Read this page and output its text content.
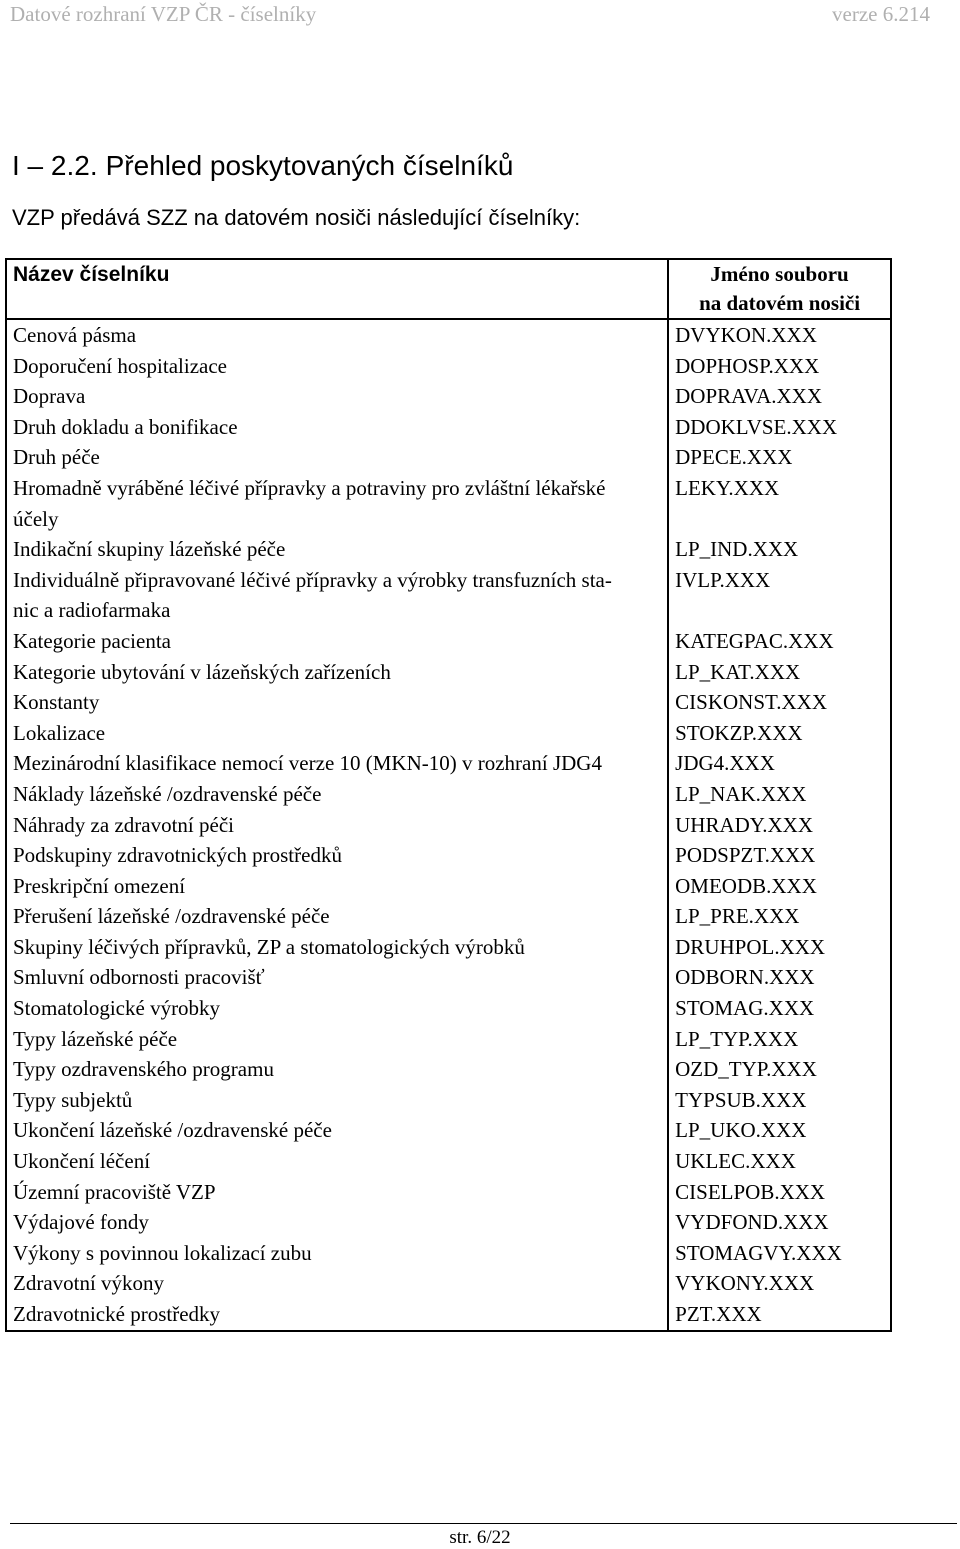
Datové rozhraní VZP ČR - číselníky	verze 6.214
I – 2.2. Přehled poskytovaných číselníků
VZP předává SZZ na datovém nosiči následující číselníky:
Název číselníku	Jméno souboru
na datovém nosiči
Cenová pásma	DVYKON.XXX
Doporučení hospitalizace	DOPHOSP.XXX
Doprava	DOPRAVA.XXX
Druh dokladu a bonifikace	DDOKLVSE.XXX
Druh péče	DPECE.XXX
Hromadně vyráběné léčivé přípravky a potraviny pro zvláštní lékařské
účely	LEKY.XXX
Indikační skupiny lázeňské péče	LP_IND.XXX
Individuálně připravované léčivé přípravky a výrobky transfuzních sta-
nic a radiofarmaka	IVLP.XXX
Kategorie pacienta	KATEGPAC.XXX
Kategorie ubytování v lázeňských zařízeních	LP_KAT.XXX
Konstanty	CISKONST.XXX
Lokalizace	STOKZP.XXX
Mezinárodní klasifikace nemocí verze 10 (MKN-10) v rozhraní JDG4	JDG4.XXX
Náklady lázeňské /ozdravenské péče	LP_NAK.XXX
Náhrady za zdravotní péči	UHRADY.XXX
Podskupiny zdravotnických prostředků	PODSPZT.XXX
Preskripční omezení	OMEODB.XXX
Přerušení lázeňské /ozdravenské péče	LP_PRE.XXX
Skupiny léčivých přípravků, ZP a stomatologických výrobků	DRUHPOL.XXX
Smluvní odbornosti pracovišť	ODBORN.XXX
Stomatologické výrobky	STOMAG.XXX
Typy lázeňské péče	LP_TYP.XXX
Typy ozdravenského programu	OZD_TYP.XXX
Typy subjektů	TYPSUB.XXX
Ukončení lázeňské /ozdravenské péče	LP_UKO.XXX
Ukončení léčení	UKLEC.XXX
Územní pracoviště VZP	CISELPOB.XXX
Výdajové fondy	VYDFOND.XXX
Výkony s povinnou lokalizací zubu	STOMAGVY.XXX
Zdravotní výkony	VYKONY.XXX
Zdravotnické prostředky	PZT.XXX
str. 6/22
